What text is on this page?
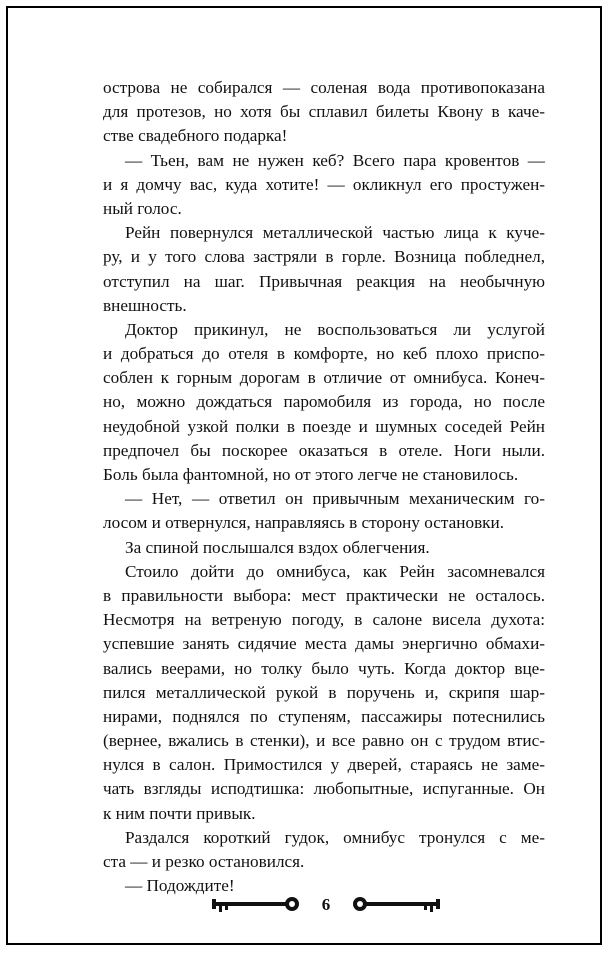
острова не собирался — соленая вода противопоказана
для протезов, но хотя бы сплавил билеты Квону в каче-
стве свадебного подарка!
— Тьен, вам не нужен кеб? Всего пара кровентов —
и я домчу вас, куда хотите! — окликнул его простужен-
ный голос.
Рейн повернулся металлической частью лица к куче-
ру, и у того слова застряли в горле. Возница побледнел,
отступил на шаг. Привычная реакция на необычную
внешность.
Доктор прикинул, не воспользоваться ли услугой
и добраться до отеля в комфорте, но кеб плохо приспо-
соблен к горным дорогам в отличие от омнибуса. Конеч-
но, можно дождаться паромобиля из города, но после
неудобной узкой полки в поезде и шумных соседей Рейн
предпочел бы поскорее оказаться в отеле. Ноги ныли.
Боль была фантомной, но от этого легче не становилось.
— Нет, — ответил он привычным механическим го-
лосом и отвернулся, направляясь в сторону остановки.
За спиной послышался вздох облегчения.
Стоило дойти до омнибуса, как Рейн засомневался
в правильности выбора: мест практически не осталось.
Несмотря на ветреную погоду, в салоне висела духота:
успевшие занять сидячие места дамы энергично обмахи-
вались веерами, но толку было чуть. Когда доктор вце-
пился металлической рукой в поручень и, скрипя шар-
нирами, поднялся по ступеням, пассажиры потеснились
(вернее, вжались в стенки), и все равно он с трудом втис-
нулся в салон. Примостился у дверей, стараясь не заме-
чать взгляды исподтишка: любопытные, испуганные. Он
к ним почти привык.
Раздался короткий гудок, омнибус тронулся с ме-
ста — и резко остановился.
— Подождите!
6
